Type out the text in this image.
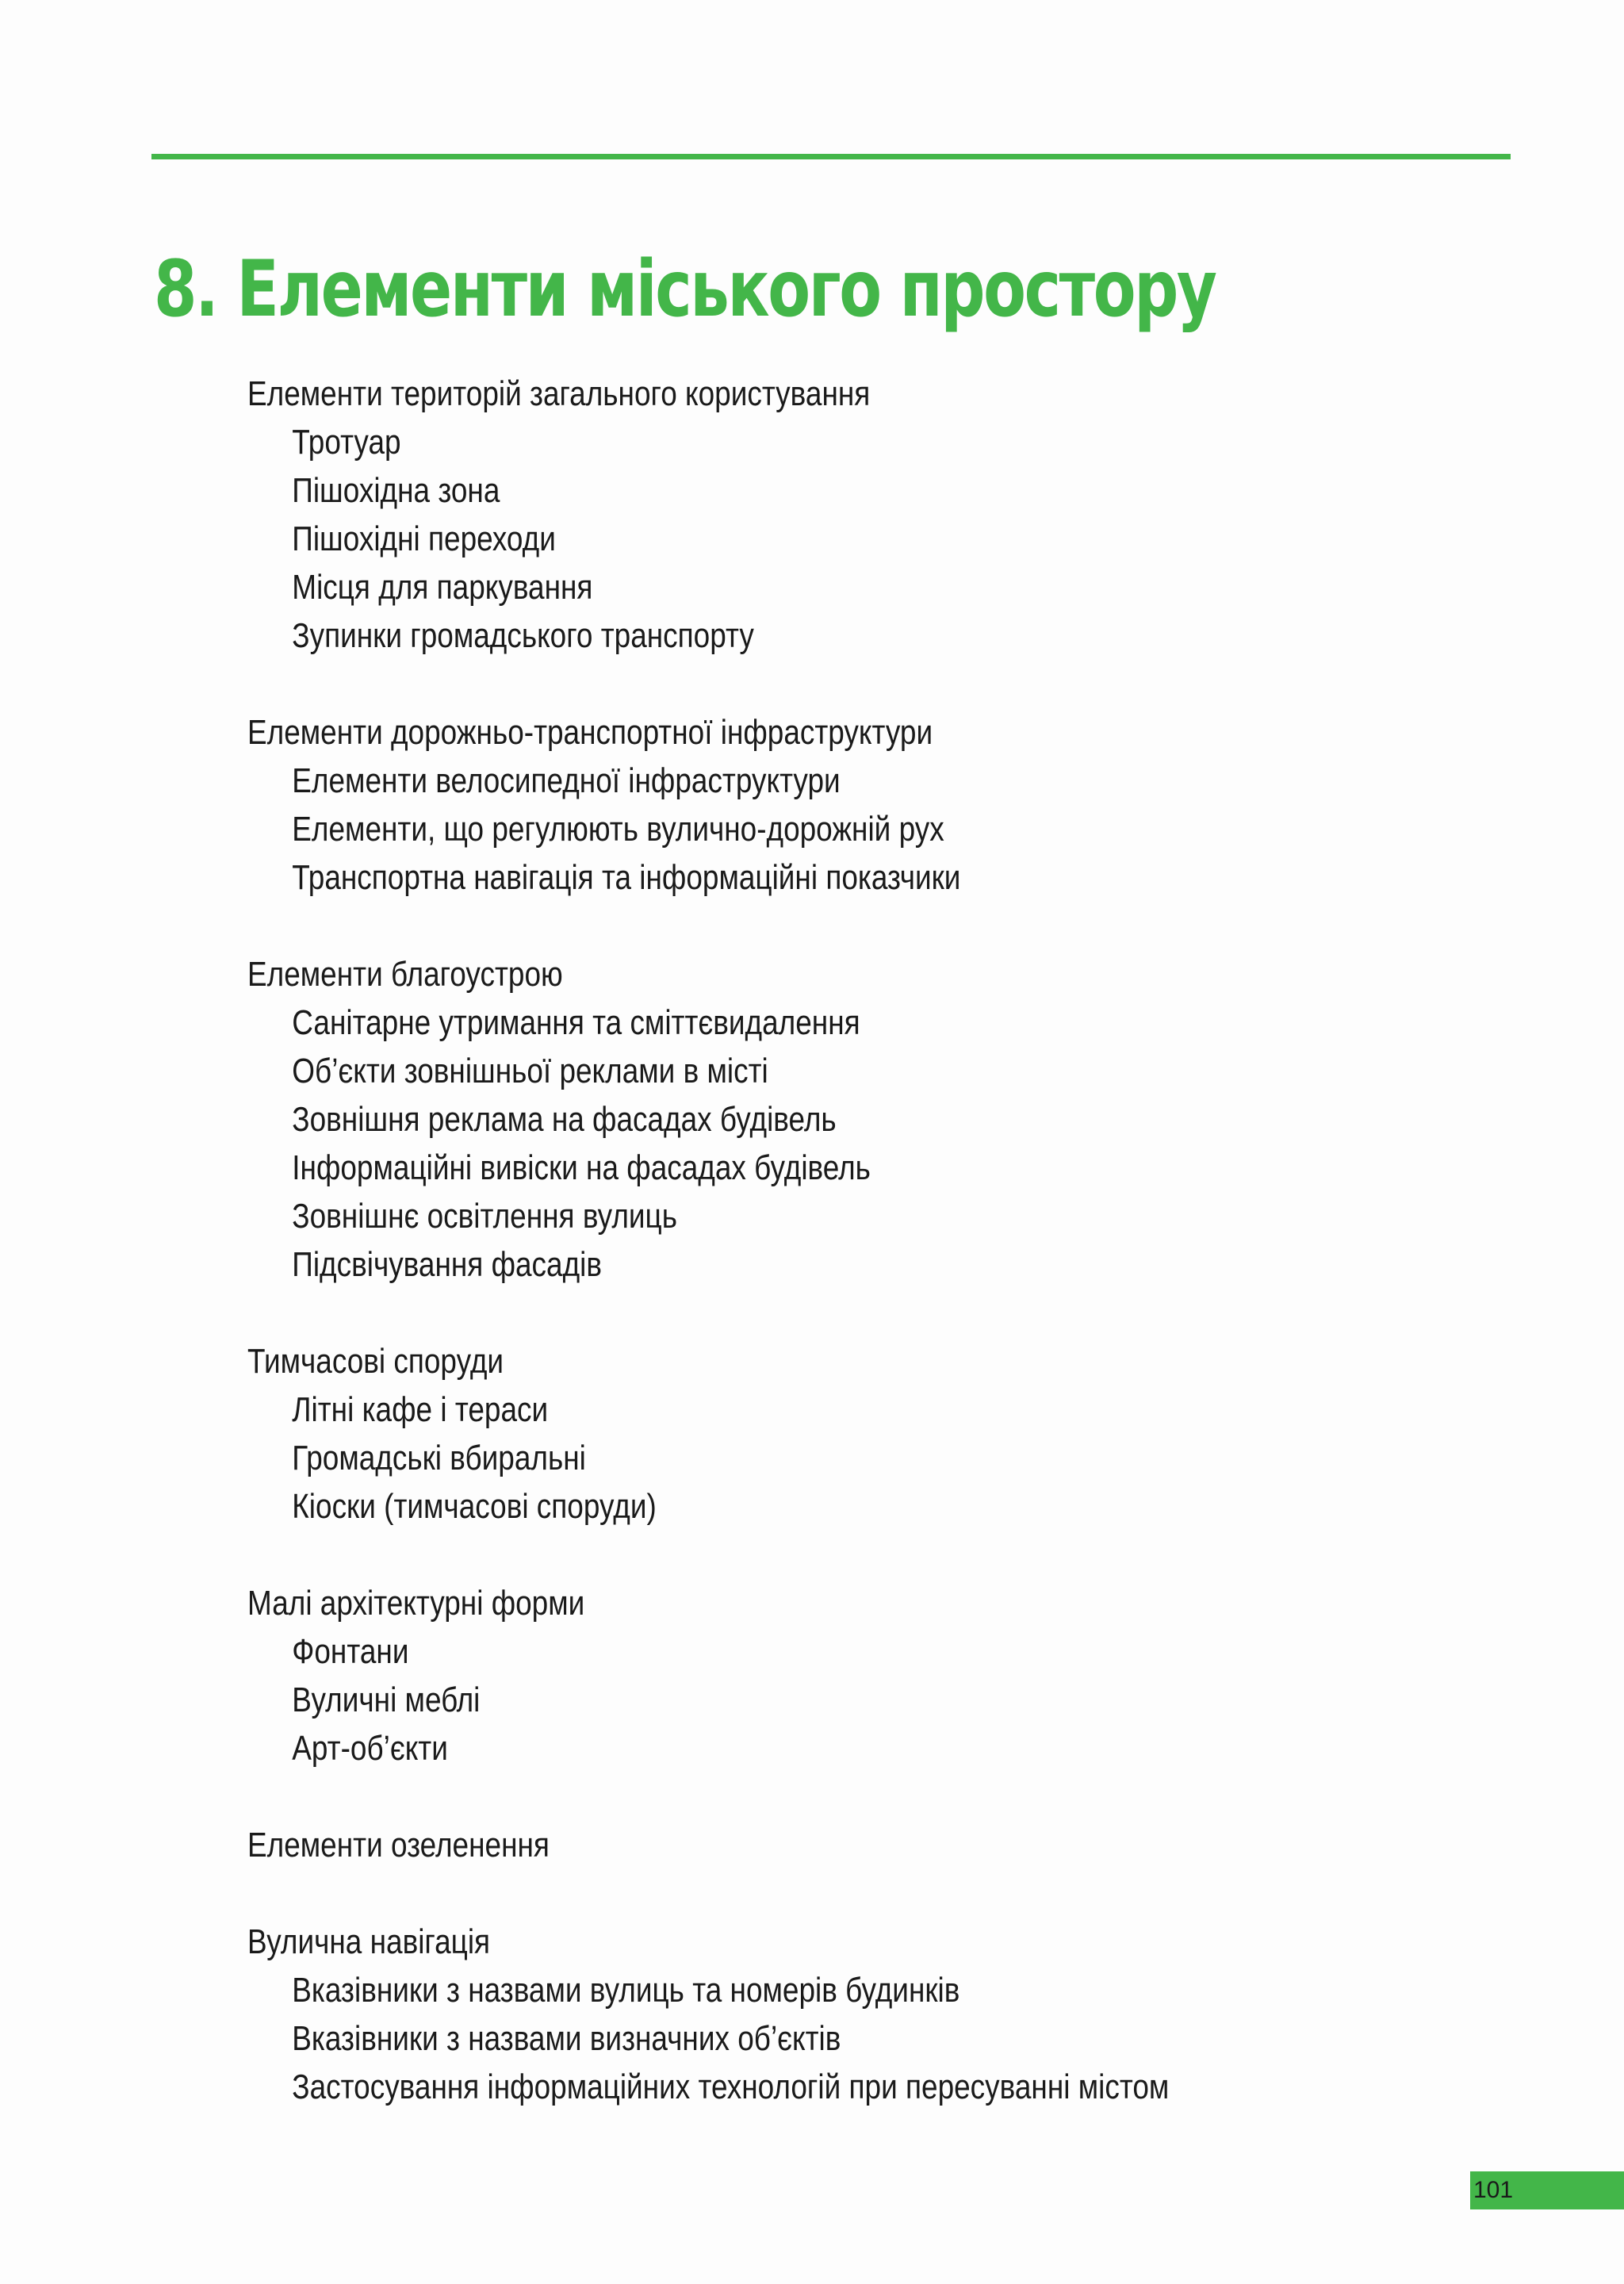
8. Елементи міського простору
Елементи територій загального користування
Тротуар
Пішохідна зона
Пішохідні переходи
Місця для паркування
Зупинки громадського транспорту
Елементи дорожньо-транспортної інфраструктури
Елементи велосипедної інфраструктури
Елементи, що регулюють вулично-дорожній рух
Транспортна навігація та інформаційні показчики
Елементи благоустрою
Санітарне утримання та сміттєвидалення
Об’єкти зовнішньої реклами в місті
Зовнішня реклама на фасадах будівель
Інформаційні вивіски на фасадах будівель
Зовнішнє освітлення вулиць
Підсвічування фасадів
Тимчасові споруди
Літні кафе і тераси
Громадські вбиральні
Кіоски (тимчасові споруди)
Малі архітектурні форми
Фонтани
Вуличні меблі
Арт-об’єкти
Елементи озеленення
Вулична навігація
Вказівники з назвами вулиць та номерів будинків
Вказівники з назвами визначних об’єктів
Застосування інформаційних технологій при пересуванні містом
101
